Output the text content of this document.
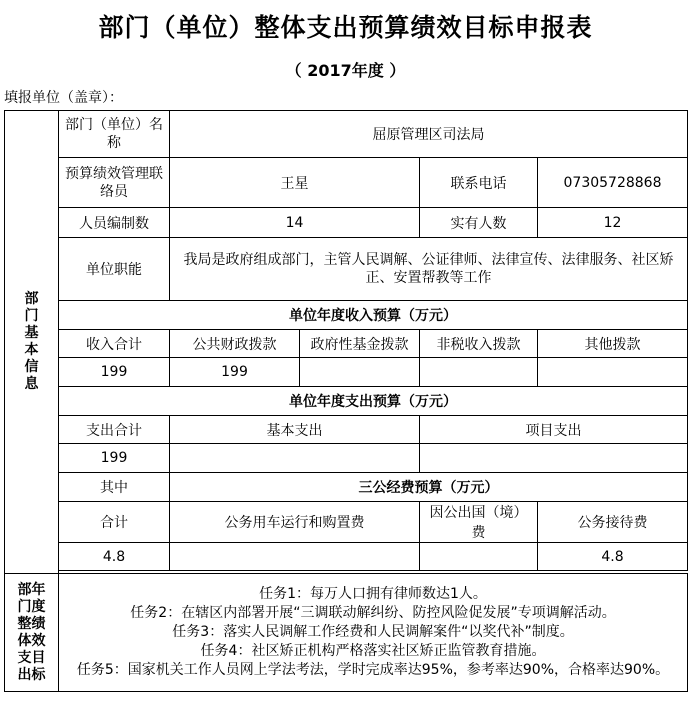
部门（单位）整体支出预算绩效目标申报表
（ 2017年度 ）
填报单位（盖章）：
部门基本信息	部门（单位）名称	屈原管理区司法局			
	预算绩效管理联络员	王星		联系电话	07305728868
	人员编制数	14		实有人数	12
	单位职能	我局是政府组成部门，主管人民调解、公证律师、法律宣传、法律服务、社区矫正、安置帮教等工作			
	单位年度收入预算（万元）				
	收入合计	公共财政拨款	政府性基金拨款	非税收入拨款	其他拨款
	199	199			
	单位年度支出预算（万元）				
	支出合计	基本支出		项目支出	
	199				
	其中	三公经费预算（万元）			
	合计	公务用车运行和购置费		因公出国（境）费	公务接待费
	4.8				4.8

部年门度整绩体效支目出标	任务1：每万人口拥有律师数达1人。
任务2：在辖区内部署开展“三调联动解纠纷、防控风险促发展”专项调解活动。
任务3：落实人民调解工作经费和人民调解案件“以奖代补”制度。
任务4：社区矫正机构严格落实社区矫正监管教育措施。
任务5：国家机关工作人员网上学法考法，学时完成率达95%，参考率达90%，合格率达90%。				
